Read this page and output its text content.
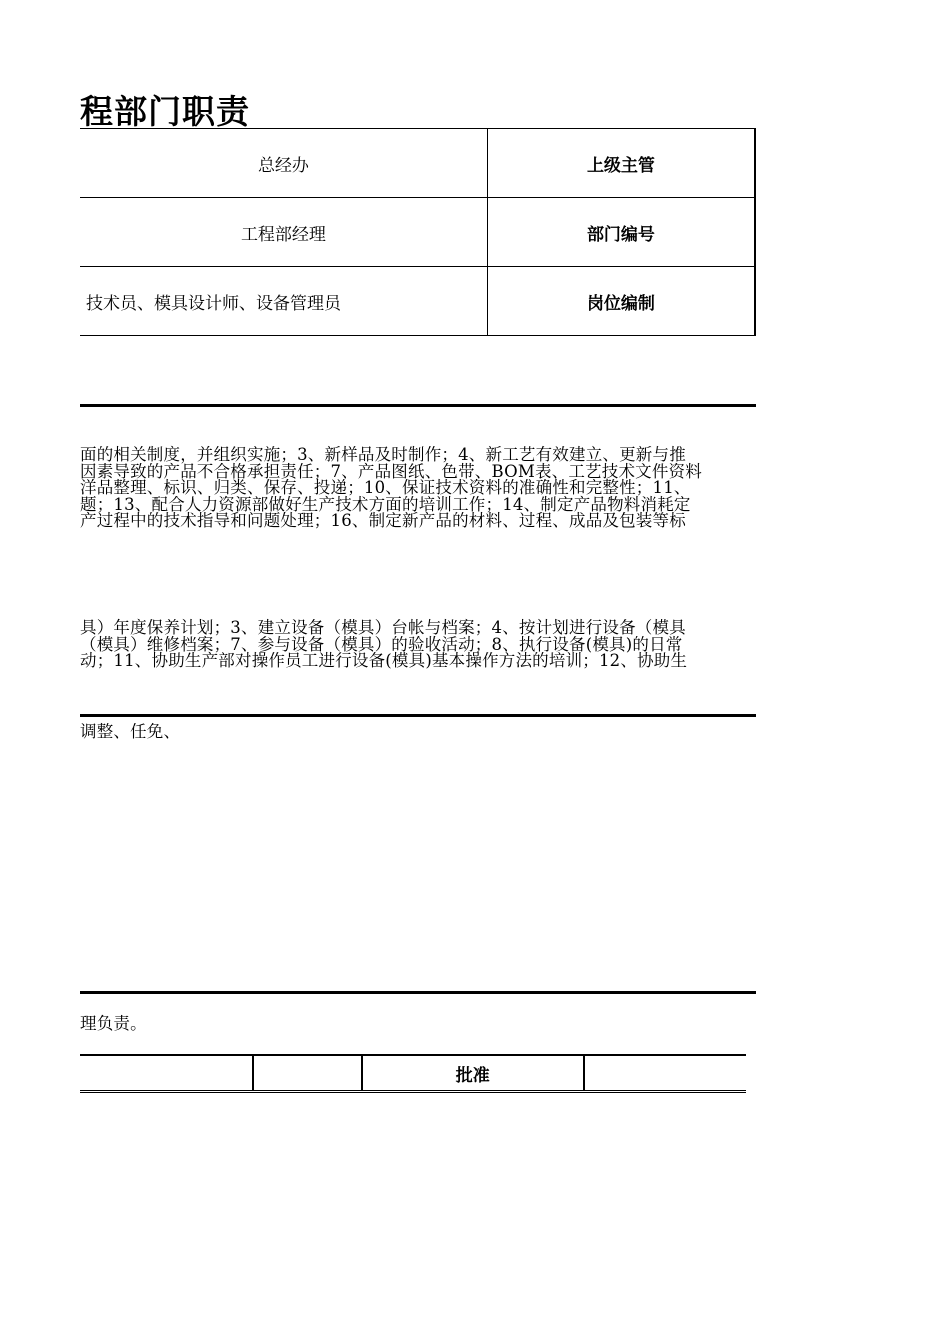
程部门职责
总经办	上级主管
工程部经理	部门编号
技术员、模具设计师、设备管理员	岗位编制
面的相关制度，并组织实施；3、新样品及时制作；4、新工艺有效建立、更新与推
因素导致的产品不合格承担责任；7、产品图纸、色带、BOM表、工艺技术文件资料
洋品整理、标识、归类、保存、投递；10、保证技术资料的准确性和完整性；11、
题；13、配合人力资源部做好生产技术方面的培训工作；14、制定产品物料消耗定
产过程中的技术指导和问题处理；16、制定新产品的材料、过程、成品及包装等标
具）年度保养计划；3、建立设备（模具）台帐与档案；4、按计划进行设备（模具
（模具）维修档案；7、参与设备（模具）的验收活动；8、执行设备(模具)的日常
动；11、协助生产部对操作员工进行设备(模具)基本操作方法的培训；12、协助生
调整、任免、
理负责。
		批准	
